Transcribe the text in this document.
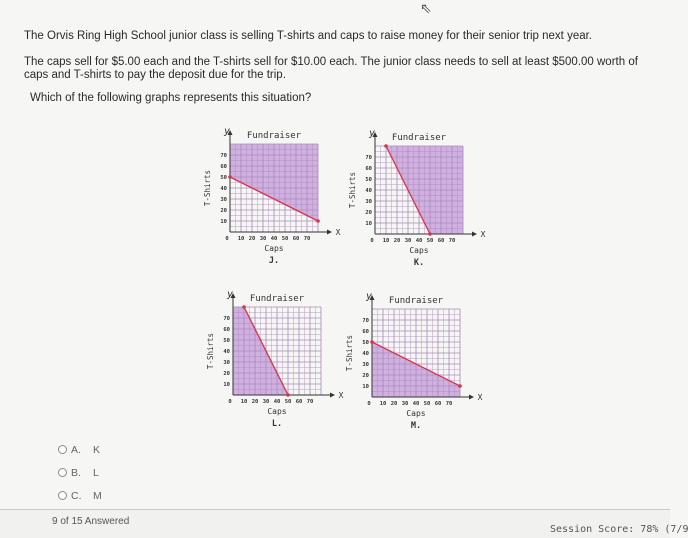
⇖
The Orvis Ring High School junior class is selling T-shirts and caps to raise money for their senior trip next year.
The caps sell for $5.00 each and the T-shirts sell for $10.00 each. The junior class needs to sell at least $500.00 worth of caps and T-shirts to pay the deposit due for the trip.
Which of the following graphs represents this situation?
0 10 20 30 40 50 60 70
10
20
30
40
50
60
70
Fundraiser
y
X
Caps
J.
T-Shirts
0 10 20 30 40 50 60 70
10
20
30
40
50
60
70
Fundraiser
y
X
Caps
K.
T-Shirts
0 10 20 30 40 50 60 70
10
20
30
40
50
60
70
Fundraiser
y
X
Caps
L.
T-Shirts
0 10 20 30 40 50 60 70
10
20
30
40
50
60
70
Fundraiser
y
X
Caps
M.
T-Shirts
A.	K
B.	L
C.	M
9 of 15 Answered
Session Score: 78% (7/9
